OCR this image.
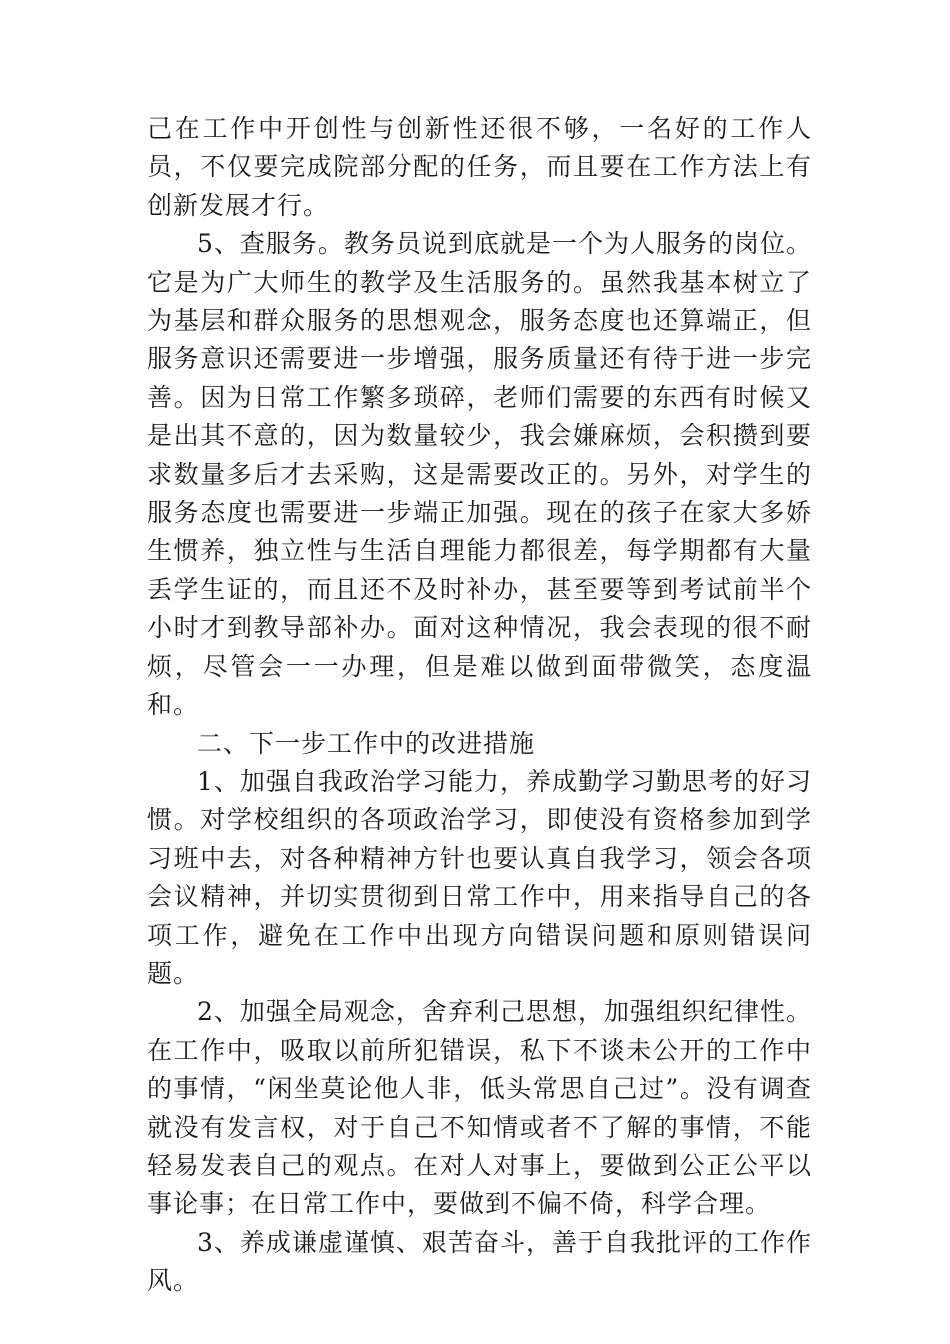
己在工作中开创性与创新性还很不够，一名好的工作人员，不仅要完成院部分配的任务，而且要在工作方法上有创新发展才行。

5、查服务。教务员说到底就是一个为人服务的岗位。它是为广大师生的教学及生活服务的。虽然我基本树立了为基层和群众服务的思想观念，服务态度也还算端正，但服务意识还需要进一步增强，服务质量还有待于进一步完善。因为日常工作繁多琐碎，老师们需要的东西有时候又是出其不意的，因为数量较少，我会嫌麻烦，会积攒到要求数量多后才去采购，这是需要改正的。另外，对学生的服务态度也需要进一步端正加强。现在的孩子在家大多娇生惯养，独立性与生活自理能力都很差，每学期都有大量丢学生证的，而且还不及时补办，甚至要等到考试前半个小时才到教导部补办。面对这种情况，我会表现的很不耐烦，尽管会一一办理，但是难以做到面带微笑，态度温和。

二、下一步工作中的改进措施

1、加强自我政治学习能力，养成勤学习勤思考的好习惯。对学校组织的各项政治学习，即使没有资格参加到学习班中去，对各种精神方针也要认真自我学习，领会各项会议精神，并切实贯彻到日常工作中，用来指导自己的各项工作，避免在工作中出现方向错误问题和原则错误问题。

2、加强全局观念，舍弃利己思想，加强组织纪律性。在工作中，吸取以前所犯错误，私下不谈未公开的工作中的事情，“闲坐莫论他人非，低头常思自己过”。没有调查就没有发言权，对于自己不知情或者不了解的事情，不能轻易发表自己的观点。在对人对事上，要做到公正公平以事论事；在日常工作中，要做到不偏不倚，科学合理。

3、养成谦虚谨慎、艰苦奋斗，善于自我批评的工作作风。
